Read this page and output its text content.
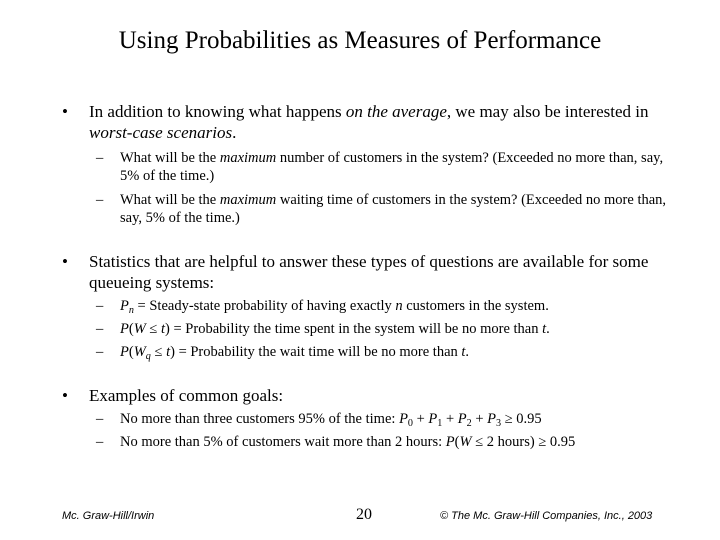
Using Probabilities as Measures of Performance
• In addition to knowing what happens on the average, we may also be interested in worst-case scenarios.
– What will be the maximum number of customers in the system? (Exceeded no more than, say, 5% of the time.)
– What will be the maximum waiting time of customers in the system? (Exceeded no more than, say, 5% of the time.)
• Statistics that are helpful to answer these types of questions are available for some queueing systems:
– $P_n$ = Steady-state probability of having exactly n customers in the system.
– P(W ≤ t) = Probability the time spent in the system will be no more than t.
– $P(W_q \le t)$ = Probability the wait time will be no more than t.
• Examples of common goals:
– No more than three customers 95% of the time: $P_0 + P_1 + P_2 + P_3 \ge 0.95$
– No more than 5% of customers wait more than 2 hours: P(W ≤ 2 hours) ≥ 0.95
Mc. Graw-Hill/Irwin	20	© The Mc. Graw-Hill Companies, Inc., 2003
